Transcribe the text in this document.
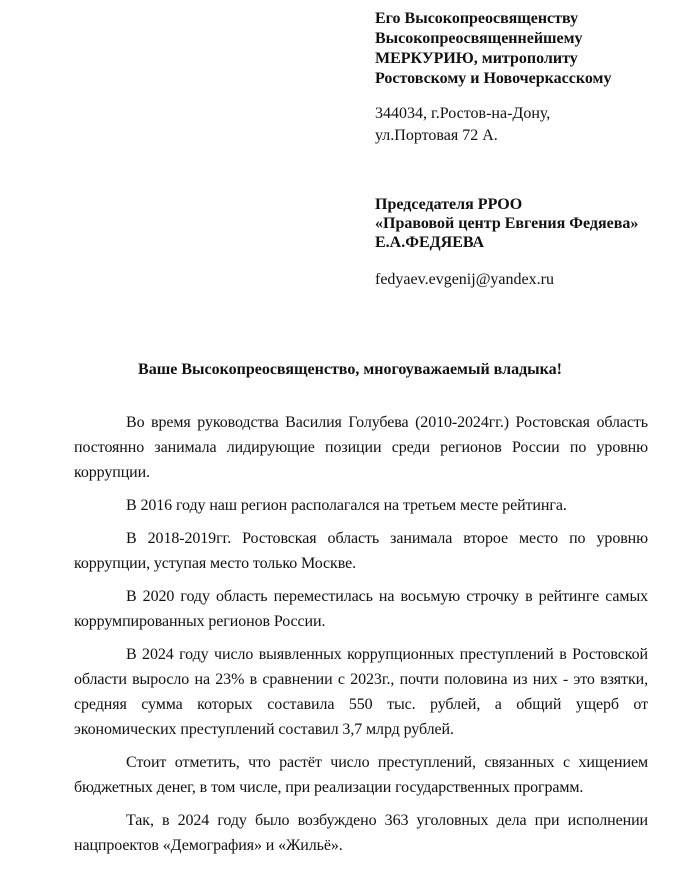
Его Высокопреосвященству
Высокопреосвященнейшему
МЕРКУРИЮ, митрополиту
Ростовскому и Новочеркасскому
344034, г.Ростов-на-Дону,
ул.Портовая 72 А.
Председателя РРОО
«Правовой центр Евгения Федяева»
Е.А.ФЕДЯЕВА
fedyaev.evgenij@yandex.ru
Ваше Высокопреосвященство, многоуважаемый владыка!

Во время руководства Василия Голубева (2010-2024гг.) Ростовская область постоянно занимала лидирующие позиции среди регионов России по уровню коррупции.

В 2016 году наш регион располагался на третьем месте рейтинга.

В 2018-2019гг. Ростовская область занимала второе место по уровню коррупции, уступая место только Москве.

В 2020 году область переместилась на восьмую строчку в рейтинге самых коррумпированных регионов России.

В 2024 году число выявленных коррупционных преступлений в Ростовской области выросло на 23% в сравнении с 2023г., почти половина из них - это взятки, средняя сумма которых составила 550 тыс. рублей, а общий ущерб от экономических преступлений составил 3,7 млрд рублей.

Стоит отметить, что растёт число преступлений, связанных с хищением бюджетных денег, в том числе, при реализации государственных программ.

Так, в 2024 году было возбуждено 363 уголовных дела при исполнении нацпроектов «Демография» и «Жильё».
